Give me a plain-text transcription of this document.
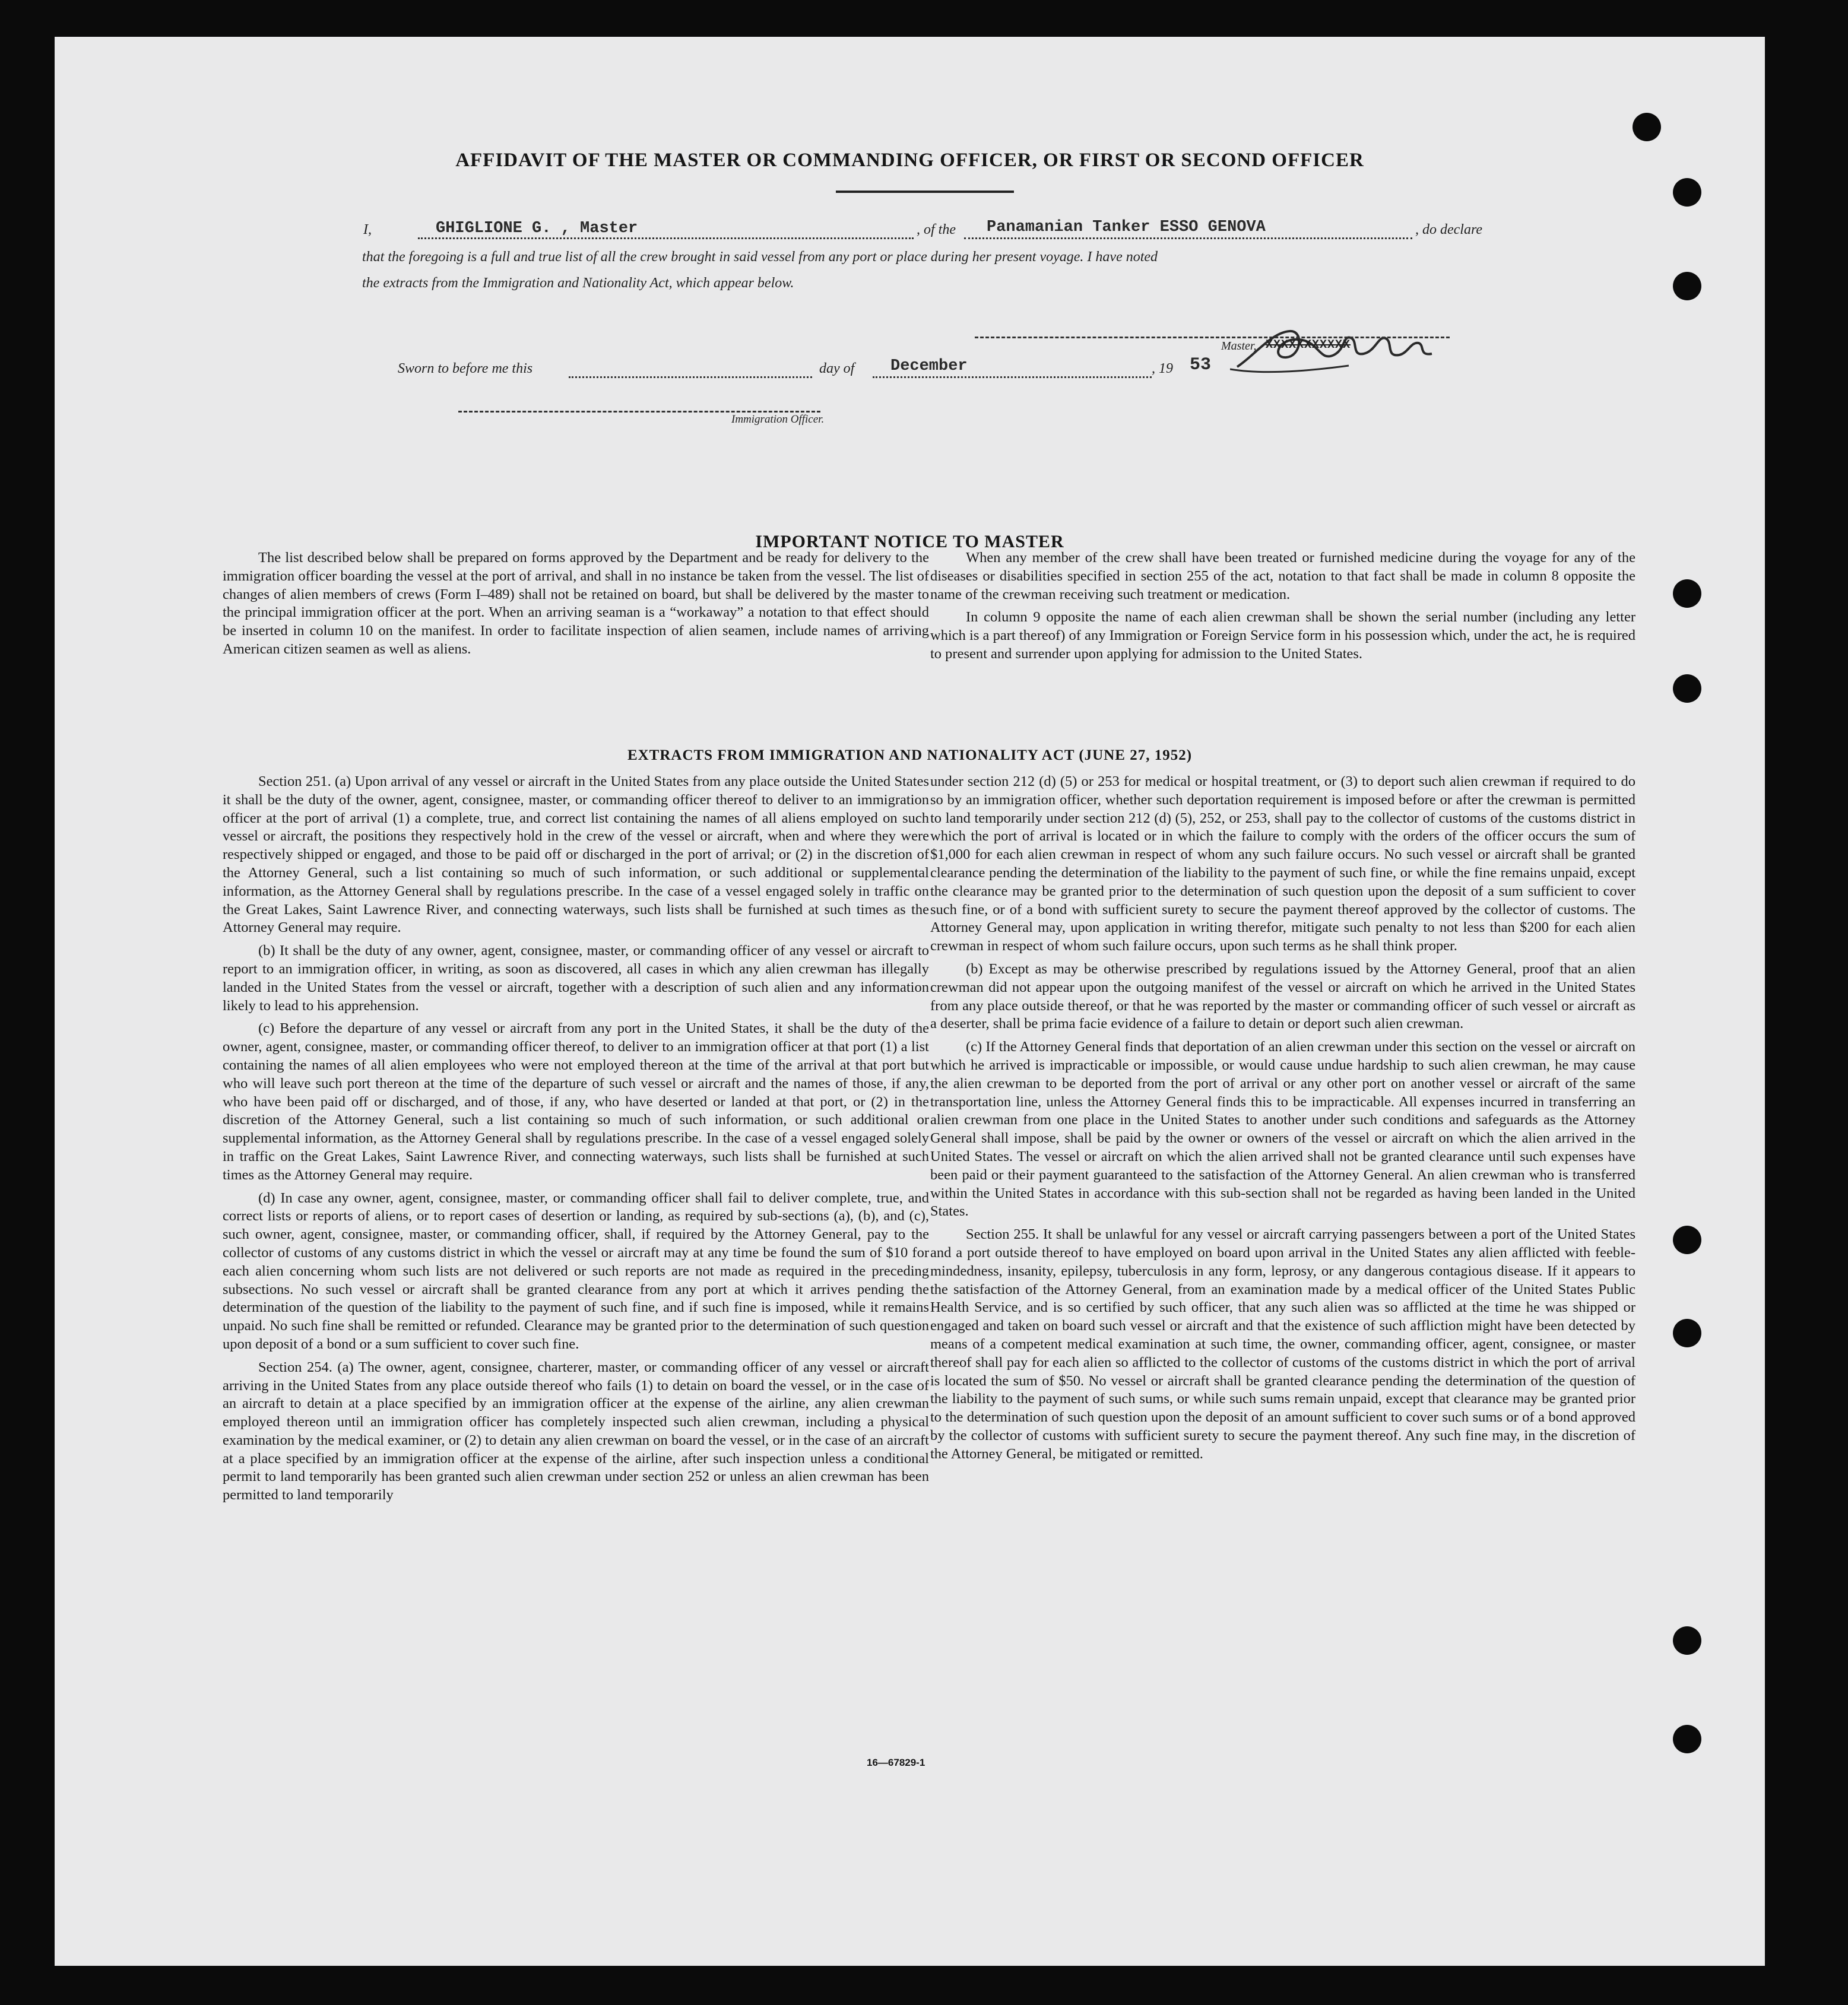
AFFIDAVIT OF THE MASTER OR COMMANDING OFFICER, OR FIRST OR SECOND OFFICER
I,	GHIGLIONE G. , Master	, of the Panamanian Tanker ESSO GENOVA	, do declare
that the foregoing is a full and true list of all the crew brought in said vessel from any port or place during her present voyage. I have noted
the extracts from the Immigration and Nationality Act, which appear below.
Master, XXXXXXXXXXX
Sworn to before me this	day of December	, 19 53
Immigration Officer.
IMPORTANT NOTICE TO MASTER

The list described below shall be prepared on forms approved by the Department and be ready for delivery to the immigration officer boarding the vessel at the port of arrival, and shall in no instance be taken from the vessel. The list of changes of alien members of crews (Form I–489) shall not be retained on board, but shall be delivered by the master to the principal immigration officer at the port. When an arriving seaman is a “workaway” a notation to that effect should be inserted in column 10 on the manifest. In order to facilitate inspection of alien seamen, include names of arriving American citizen seamen as well as aliens.

When any member of the crew shall have been treated or furnished medicine during the voyage for any of the diseases or disabilities specified in section 255 of the act, notation to that fact shall be made in column 8 opposite the name of the crewman receiving such treatment or medication.

In column 9 opposite the name of each alien crewman shall be shown the serial number (including any letter which is a part thereof) of any Immigration or Foreign Service form in his possession which, under the act, he is required to present and surrender upon applying for admission to the United States.

EXTRACTS FROM IMMIGRATION AND NATIONALITY ACT (JUNE 27, 1952)

Section 251. (a) Upon arrival of any vessel or aircraft in the United States from any place outside the United States it shall be the duty of the owner, agent, consignee, master, or commanding officer thereof to deliver to an immigration officer at the port of arrival (1) a complete, true, and correct list containing the names of all aliens employed on such vessel or aircraft, the positions they respectively hold in the crew of the vessel or aircraft, when and where they were respectively shipped or engaged, and those to be paid off or discharged in the port of arrival; or (2) in the discretion of the Attorney General, such a list containing so much of such information, or such additional or supplemental information, as the Attorney General shall by regulations prescribe. In the case of a vessel engaged solely in traffic on the Great Lakes, Saint Lawrence River, and connecting waterways, such lists shall be furnished at such times as the Attorney General may require.

(b) It shall be the duty of any owner, agent, consignee, master, or commanding officer of any vessel or aircraft to report to an immigration officer, in writing, as soon as discovered, all cases in which any alien crewman has illegally landed in the United States from the vessel or aircraft, together with a description of such alien and any information likely to lead to his apprehension.

(c) Before the departure of any vessel or aircraft from any port in the United States, it shall be the duty of the owner, agent, consignee, master, or commanding officer thereof, to deliver to an immigration officer at that port (1) a list containing the names of all alien employees who were not employed thereon at the time of the arrival at that port but who will leave such port thereon at the time of the departure of such vessel or aircraft and the names of those, if any, who have been paid off or discharged, and of those, if any, who have deserted or landed at that port, or (2) in the discretion of the Attorney General, such a list containing so much of such information, or such additional or supplemental information, as the Attorney General shall by regulations prescribe. In the case of a vessel engaged solely in traffic on the Great Lakes, Saint Lawrence River, and connecting waterways, such lists shall be furnished at such times as the Attorney General may require.

(d) In case any owner, agent, consignee, master, or commanding officer shall fail to deliver complete, true, and correct lists or reports of aliens, or to report cases of desertion or landing, as required by sub-sections (a), (b), and (c), such owner, agent, consignee, master, or commanding officer, shall, if required by the Attorney General, pay to the collector of customs of any customs district in which the vessel or aircraft may at any time be found the sum of $10 for each alien concerning whom such lists are not delivered or such reports are not made as required in the preceding subsections. No such vessel or aircraft shall be granted clearance from any port at which it arrives pending the determination of the question of the liability to the payment of such fine, and if such fine is imposed, while it remains unpaid. No such fine shall be remitted or refunded. Clearance may be granted prior to the determination of such question upon deposit of a bond or a sum sufficient to cover such fine.

Section 254. (a) The owner, agent, consignee, charterer, master, or commanding officer of any vessel or aircraft arriving in the United States from any place outside thereof who fails (1) to detain on board the vessel, or in the case of an aircraft to detain at a place specified by an immigration officer at the expense of the airline, any alien crewman employed thereon until an immigration officer has completely inspected such alien crewman, including a physical examination by the medical examiner, or (2) to detain any alien crewman on board the vessel, or in the case of an aircraft at a place specified by an immigration officer at the expense of the airline, after such inspection unless a conditional permit to land temporarily has been granted such alien crewman under section 252 or unless an alien crewman has been permitted to land temporarily

under section 212 (d) (5) or 253 for medical or hospital treatment, or (3) to deport such alien crewman if required to do so by an immigration officer, whether such deportation requirement is imposed before or after the crewman is permitted to land temporarily under section 212 (d) (5), 252, or 253, shall pay to the collector of customs of the customs district in which the port of arrival is located or in which the failure to comply with the orders of the officer occurs the sum of $1,000 for each alien crewman in respect of whom any such failure occurs. No such vessel or aircraft shall be granted clearance pending the determination of the liability to the payment of such fine, or while the fine remains unpaid, except the clearance may be granted prior to the determination of such question upon the deposit of a sum sufficient to cover such fine, or of a bond with sufficient surety to secure the payment thereof approved by the collector of customs. The Attorney General may, upon application in writing therefor, mitigate such penalty to not less than $200 for each alien crewman in respect of whom such failure occurs, upon such terms as he shall think proper.

(b) Except as may be otherwise prescribed by regulations issued by the Attorney General, proof that an alien crewman did not appear upon the outgoing manifest of the vessel or aircraft on which he arrived in the United States from any place outside thereof, or that he was reported by the master or commanding officer of such vessel or aircraft as a deserter, shall be prima facie evidence of a failure to detain or deport such alien crewman.

(c) If the Attorney General finds that deportation of an alien crewman under this section on the vessel or aircraft on which he arrived is impracticable or impossible, or would cause undue hardship to such alien crewman, he may cause the alien crewman to be deported from the port of arrival or any other port on another vessel or aircraft of the same transportation line, unless the Attorney General finds this to be impracticable. All expenses incurred in transferring an alien crewman from one place in the United States to another under such conditions and safeguards as the Attorney General shall impose, shall be paid by the owner or owners of the vessel or aircraft on which the alien arrived in the United States. The vessel or aircraft on which the alien arrived shall not be granted clearance until such expenses have been paid or their payment guaranteed to the satisfaction of the Attorney General. An alien crewman who is transferred within the United States in accordance with this sub-section shall not be regarded as having been landed in the United States.

Section 255. It shall be unlawful for any vessel or aircraft carrying passengers between a port of the United States and a port outside thereof to have employed on board upon arrival in the United States any alien afflicted with feeble-mindedness, insanity, epilepsy, tuberculosis in any form, leprosy, or any dangerous contagious disease. If it appears to the satisfaction of the Attorney General, from an examination made by a medical officer of the United States Public Health Service, and is so certified by such officer, that any such alien was so afflicted at the time he was shipped or engaged and taken on board such vessel or aircraft and that the existence of such affliction might have been detected by means of a competent medical examination at such time, the owner, commanding officer, agent, consignee, or master thereof shall pay for each alien so afflicted to the collector of customs of the customs district in which the port of arrival is located the sum of $50. No vessel or aircraft shall be granted clearance pending the determination of the question of the liability to the payment of such sums, or while such sums remain unpaid, except that clearance may be granted prior to the determination of such question upon the deposit of an amount sufficient to cover such sums or of a bond approved by the collector of customs with sufficient surety to secure the payment thereof. Any such fine may, in the discretion of the Attorney General, be mitigated or remitted.

16—67829-1
